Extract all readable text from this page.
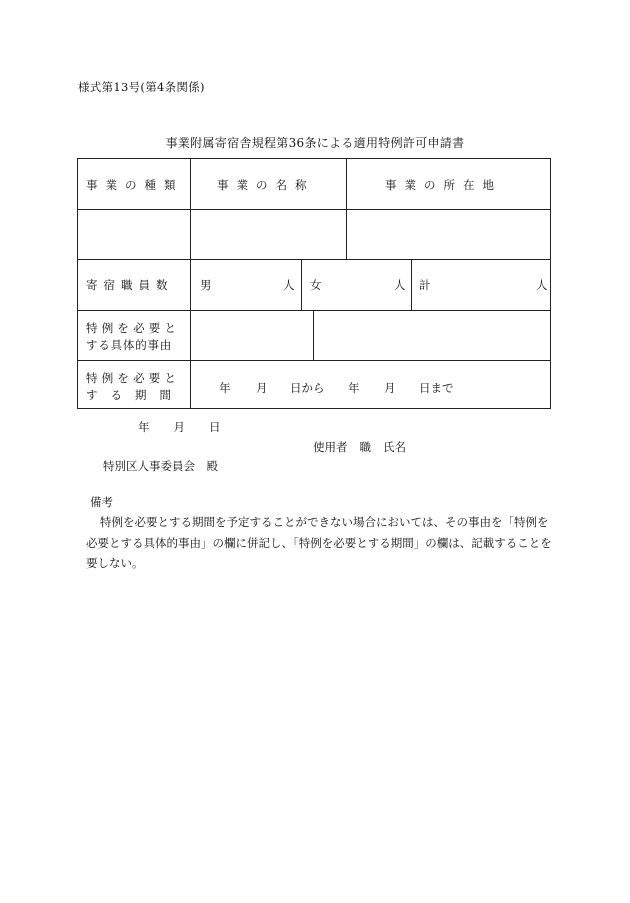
様式第13号(第4条関係)
事業附属寄宿舎規程第36条による適用特例許可申請書
事業の種類	事業の名称	事業の所在地
寄宿職員数 男	人 女	人 計	人
特例を必要と
する具体的事由
特例を必要と
する期間	年 月 日から 年 月 日まで
年 月 日
使用者 職 氏名
特別区人事委員会　殿
備考
特例を必要とする期間を予定することができない場合においては、その事由を「特例を必要とする具体的事由」の欄に併記し、「特例を必要とする期間」の欄は、記載することを要しない。
